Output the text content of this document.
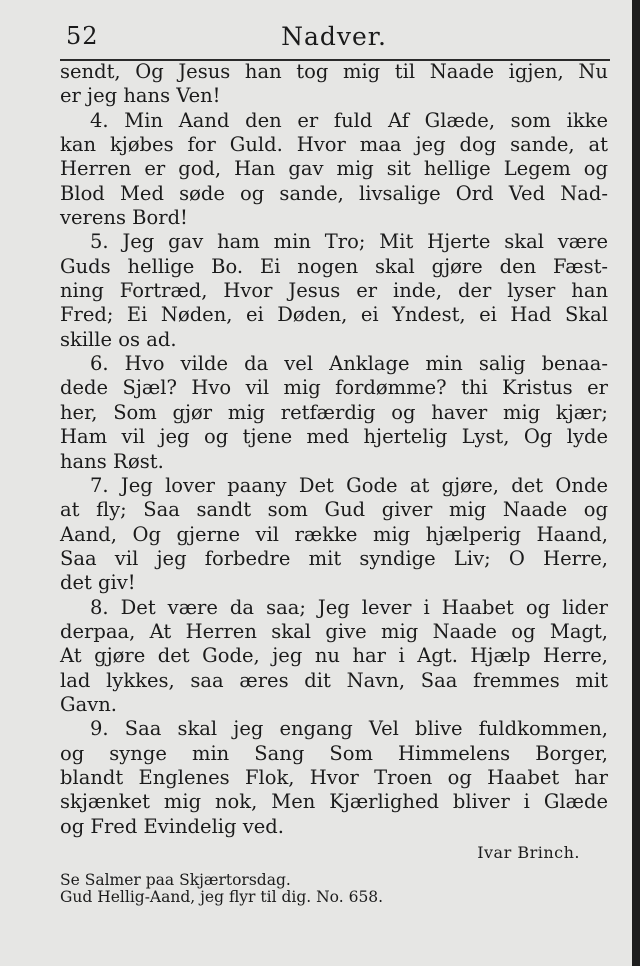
52	Nadver.
sendt, Og Jesus han tog mig til Naade igjen, Nu
er jeg hans Ven!
4. Min Aand den er fuld Af Glæde, som ikke
kan kjøbes for Guld. Hvor maa jeg dog sande, at
Herren er god, Han gav mig sit hellige Legem og
Blod Med søde og sande, livsalige Ord Ved Nad-
verens Bord!
5. Jeg gav ham min Tro; Mit Hjerte skal være
Guds hellige Bo. Ei nogen skal gjøre den Fæst-
ning Fortræd, Hvor Jesus er inde, der lyser han
Fred; Ei Nøden, ei Døden, ei Yndest, ei Had Skal
skille os ad.
6. Hvo vilde da vel Anklage min salig benaa-
dede Sjæl? Hvo vil mig fordømme? thi Kristus er
her, Som gjør mig retfærdig og haver mig kjær;
Ham vil jeg og tjene med hjertelig Lyst, Og lyde
hans Røst.
7. Jeg lover paany Det Gode at gjøre, det Onde
at fly; Saa sandt som Gud giver mig Naade og
Aand, Og gjerne vil række mig hjælperig Haand,
Saa vil jeg forbedre mit syndige Liv; O Herre,
det giv!
8. Det være da saa; Jeg lever i Haabet og lider
derpaa, At Herren skal give mig Naade og Magt,
At gjøre det Gode, jeg nu har i Agt. Hjælp Herre,
lad lykkes, saa æres dit Navn, Saa fremmes mit
Gavn.
9. Saa skal jeg engang Vel blive fuldkommen,
og synge min Sang Som Himmelens Borger,
blandt Englenes Flok, Hvor Troen og Haabet har
skjænket mig nok, Men Kjærlighed bliver i Glæde
og Fred Evindelig ved.
Ivar Brinch.
Se Salmer paa Skjærtorsdag.
Gud Hellig-Aand, jeg flyr til dig. No. 658.
